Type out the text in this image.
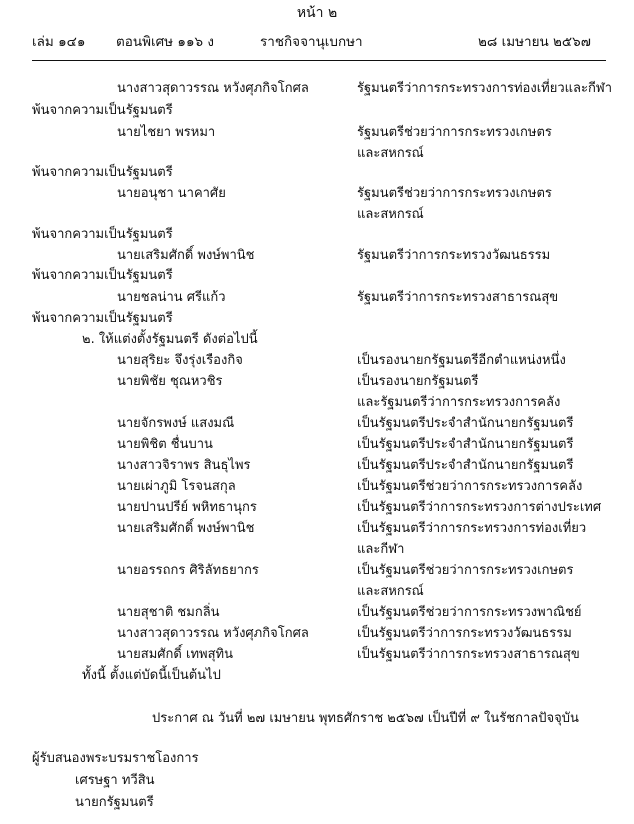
หน้า ๒
เล่ม ๑๔๑ ตอนพิเศษ ๑๑๖ ง	ราชกิจจานุเบกษา	๒๘ เมษายน ๒๕๖๗
นางสาวสุดาวรรณ หวังศุภกิจโกศล	รัฐมนตรีว่าการกระทรวงการท่องเที่ยวและกีฬา
พ้นจากความเป็นรัฐมนตรี
นายไชยา พรหมา	รัฐมนตรีช่วยว่าการกระทรวงเกษตร
และสหกรณ์
พ้นจากความเป็นรัฐมนตรี
นายอนุชา นาคาศัย	รัฐมนตรีช่วยว่าการกระทรวงเกษตร
และสหกรณ์
พ้นจากความเป็นรัฐมนตรี
นายเสริมศักดิ์ พงษ์พานิช	รัฐมนตรีว่าการกระทรวงวัฒนธรรม
พ้นจากความเป็นรัฐมนตรี
นายชลน่าน ศรีแก้ว	รัฐมนตรีว่าการกระทรวงสาธารณสุข
พ้นจากความเป็นรัฐมนตรี
๒. ให้แต่งตั้งรัฐมนตรี ดังต่อไปนี้
นายสุริยะ จึงรุ่งเรืองกิจ	เป็นรองนายกรัฐมนตรีอีกตำแหน่งหนึ่ง
นายพิชัย ชุณหวชิร	เป็นรองนายกรัฐมนตรี
และรัฐมนตรีว่าการกระทรวงการคลัง
นายจักรพงษ์ แสงมณี	เป็นรัฐมนตรีประจำสำนักนายกรัฐมนตรี
นายพิชิต ชื่นบาน	เป็นรัฐมนตรีประจำสำนักนายกรัฐมนตรี
นางสาวจิราพร สินธุไพร	เป็นรัฐมนตรีประจำสำนักนายกรัฐมนตรี
นายเผ่าภูมิ โรจนสกุล	เป็นรัฐมนตรีช่วยว่าการกระทรวงการคลัง
นายปานปรีย์ พหิทธานุกร	เป็นรัฐมนตรีว่าการกระทรวงการต่างประเทศ
นายเสริมศักดิ์ พงษ์พานิช	เป็นรัฐมนตรีว่าการกระทรวงการท่องเที่ยว
และกีฬา
นายอรรถกร ศิริลัทธยากร	เป็นรัฐมนตรีช่วยว่าการกระทรวงเกษตร
และสหกรณ์
นายสุชาติ ชมกลิ่น	เป็นรัฐมนตรีช่วยว่าการกระทรวงพาณิชย์
นางสาวสุดาวรรณ หวังศุภกิจโกศล	เป็นรัฐมนตรีว่าการกระทรวงวัฒนธรรม
นายสมศักดิ์ เทพสุทิน	เป็นรัฐมนตรีว่าการกระทรวงสาธารณสุข
ทั้งนี้ ตั้งแต่บัดนี้เป็นต้นไป
ประกาศ ณ วันที่ ๒๗ เมษายน พุทธศักราช ๒๕๖๗ เป็นปีที่ ๙ ในรัชกาลปัจจุบัน
ผู้รับสนองพระบรมราชโองการ
เศรษฐา ทวีสิน
นายกรัฐมนตรี
